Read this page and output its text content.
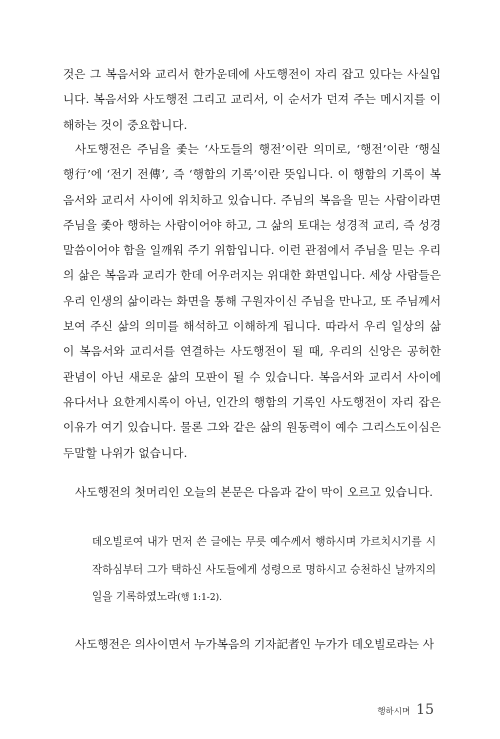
것은 그 복음서와 교리서 한가운데에 사도행전이 자리 잡고 있다는 사실입니다. 복음서와 사도행전 그리고 교리서, 이 순서가 던져 주는 메시지를 이해하는 것이 중요합니다.
사도행전은 주님을 좇는 ‘사도들의 행전’이란 의미로, ‘행전’이란 ‘행실 행行’에 ‘전기 전傳’, 즉 ‘행함의 기록’이란 뜻입니다. 이 행함의 기록이 복음서와 교리서 사이에 위치하고 있습니다. 주님의 복음을 믿는 사람이라면 주님을 좇아 행하는 사람이어야 하고, 그 삶의 토대는 성경적 교리, 즉 성경 말씀이어야 함을 일깨워 주기 위함입니다. 이런 관점에서 주님을 믿는 우리의 삶은 복음과 교리가 한데 어우러지는 위대한 화면입니다. 세상 사람들은 우리 인생의 삶이라는 화면을 통해 구원자이신 주님을 만나고, 또 주님께서 보여 주신 삶의 의미를 해석하고 이해하게 됩니다. 따라서 우리 일상의 삶이 복음서와 교리서를 연결하는 사도행전이 될 때, 우리의 신앙은 공허한 관념이 아닌 새로운 삶의 모판이 될 수 있습니다. 복음서와 교리서 사이에 유다서나 요한계시록이 아닌, 인간의 행함의 기록인 사도행전이 자리 잡은 이유가 여기 있습니다. 물론 그와 같은 삶의 원동력이 예수 그리스도이심은 두말할 나위가 없습니다.
사도행전의 첫머리인 오늘의 본문은 다음과 같이 막이 오르고 있습니다.
데오빌로여 내가 먼저 쓴 글에는 무릇 예수께서 행하시며 가르치시기를 시작하심부터 그가 택하신 사도들에게 성령으로 명하시고 승천하신 날까지의 일을 기록하였노라(행 1:1-2).
사도행전은 의사이면서 누가복음의 기자記者인 누가가 데오빌로라는 사
행하시며 15
